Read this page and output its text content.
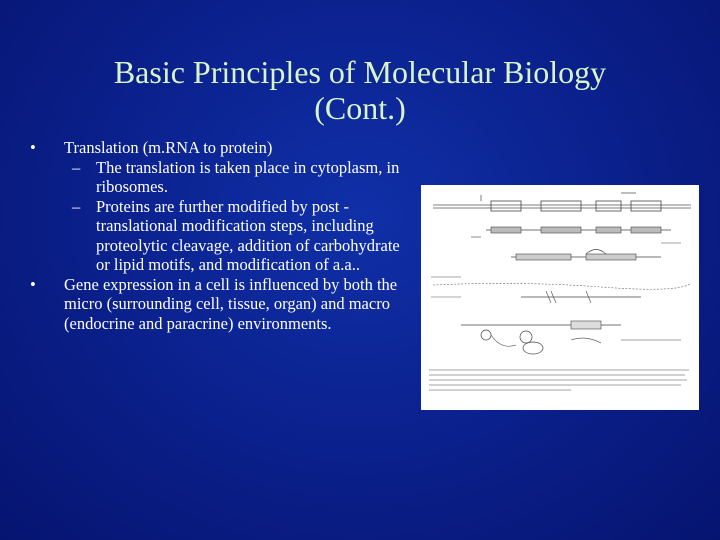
Basic Principles of Molecular Biology
(Cont.)
• Translation (m.RNA to protein)
– The translation is taken place in cytoplasm, in ribosomes.
– Proteins are further modified by post -translational modification steps, including proteolytic cleavage, addition of carbohydrate or lipid motifs, and modification of a.a..
• Gene expression in a cell is influenced by both the micro (surrounding cell, tissue, organ) and macro (endocrine and paracrine) environments.
